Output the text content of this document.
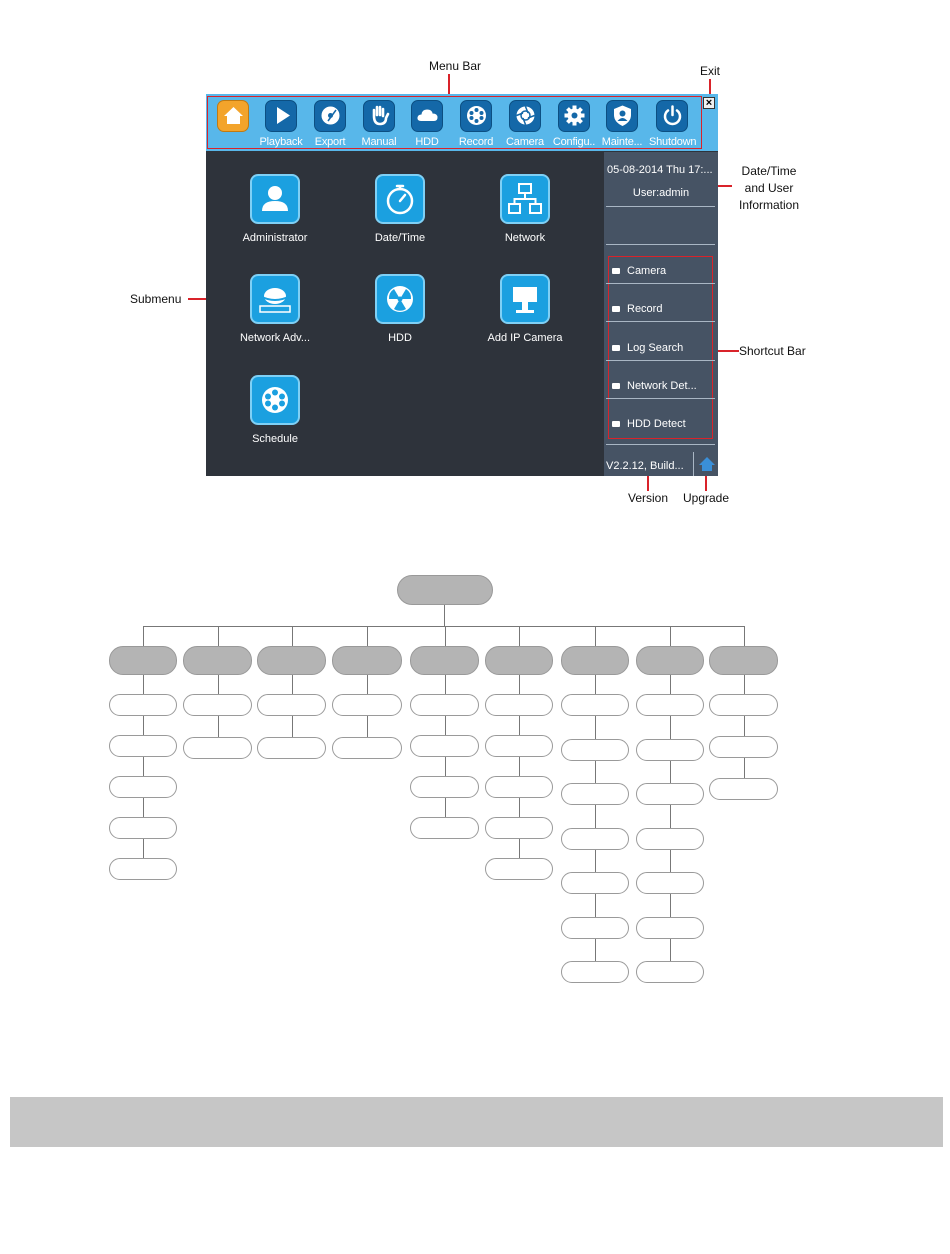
Menu Bar	Exit
Date/Time
and User
Information
Submenu
Shortcut Bar
Version	Upgrade
Home	Playback	Export	Manual	HDD	Record	Camera Configu.. Mainte... Shutdown
×
Administrator	Date/Time	Network
Network Adv...	HDD	Add IP Camera
Schedule
05-08-2014 Thu 17:...
User:admin
Camera
Record
Log Search
Network Det...
HDD Detect
V2.2.12, Build...
